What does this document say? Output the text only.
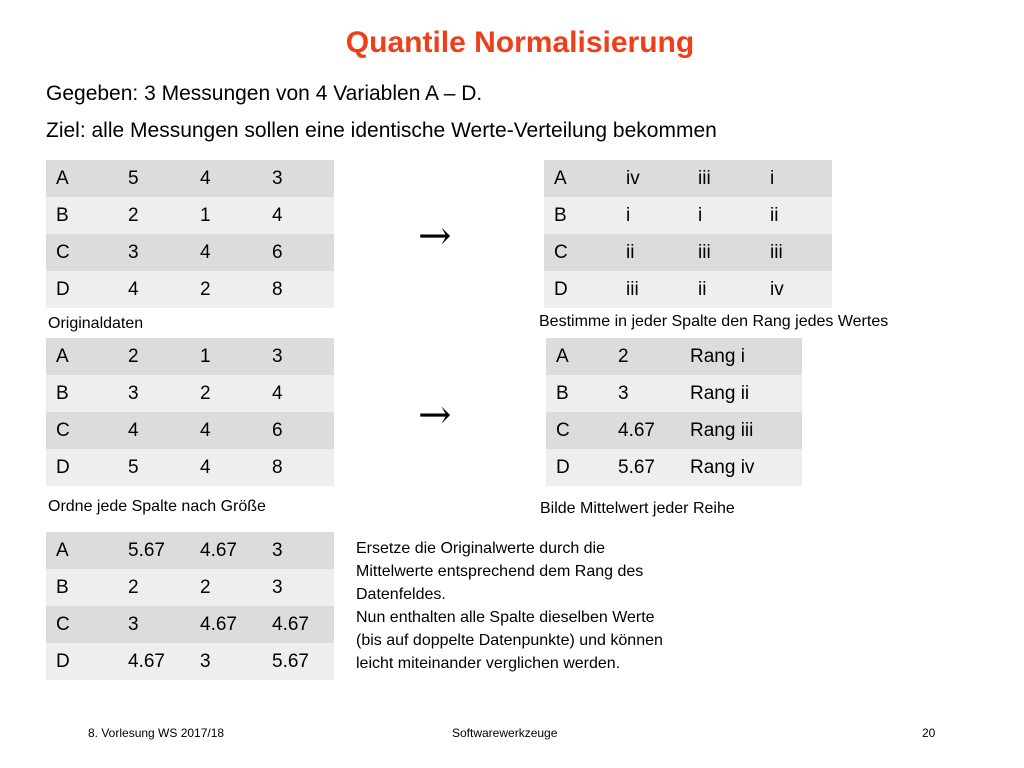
Quantile Normalisierung
Gegeben: 3 Messungen von 4 Variablen A – D.
Ziel: alle Messungen sollen eine identische Werte-Verteilung bekommen
A	5	4	3
B	2	1	4
C	3	4	6
D	4	2	8
Originaldaten
→
A	iv	iii	i
B	i	i	ii
C	ii	iii	iii
D	iii	ii	iv
Bestimme in jeder Spalte den Rang jedes Wertes
A	2	1	3
B	3	2	4
C	4	4	6
D	5	4	8
Ordne jede Spalte nach Größe
→
A	2	Rang i
B	3	Rang ii
C	4.67	Rang iii
D	5.67	Rang iv
Bilde Mittelwert jeder Reihe
A	5.67	4.67	3
B	2	2	3
C	3	4.67	4.67
D	4.67	3	5.67
Ersetze die Originalwerte durch die
Mittelwerte entsprechend dem Rang des
Datenfeldes.
Nun enthalten alle Spalte dieselben Werte
(bis auf doppelte Datenpunkte) und können
leicht miteinander verglichen werden.
8. Vorlesung WS 2017/18	Softwarewerkzeuge	20
